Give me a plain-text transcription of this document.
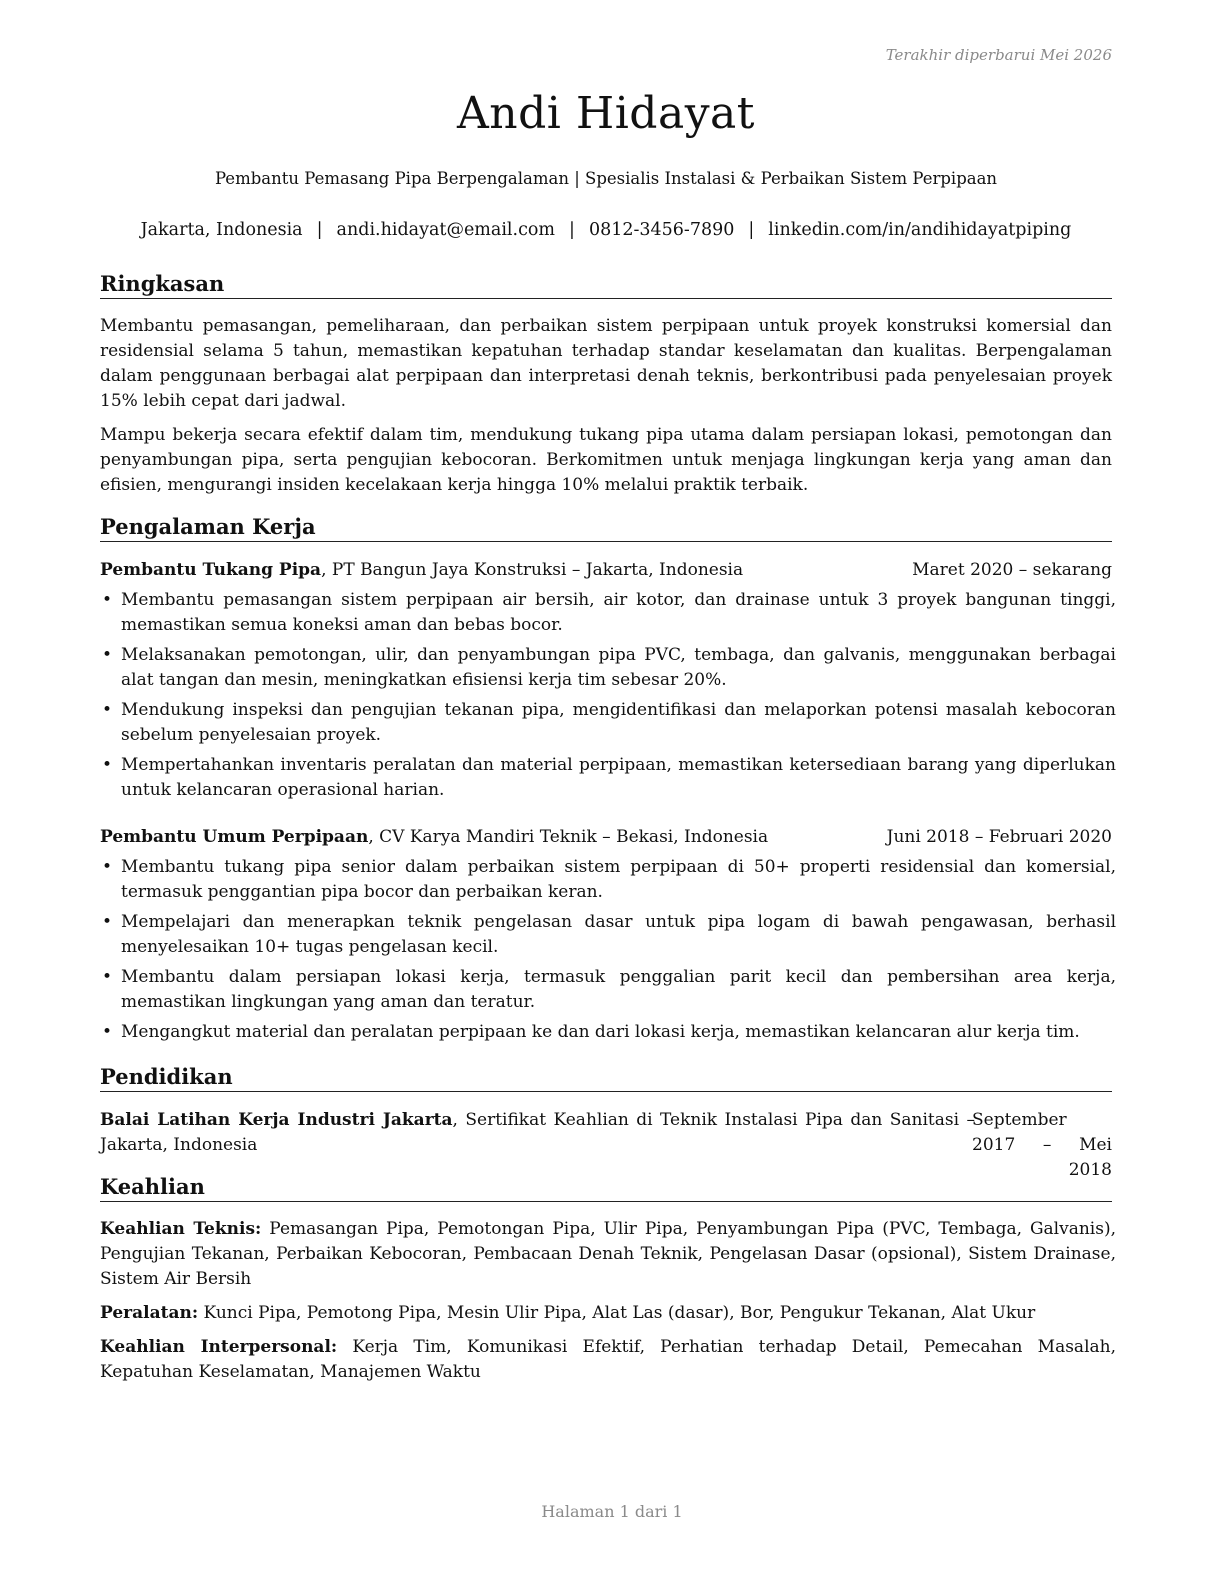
Terakhir diperbarui Mei 2026
Andi Hidayat
Pembantu Pemasang Pipa Berpengalaman | Spesialis Instalasi & Perbaikan Sistem Perpipaan
Jakarta, Indonesia | andi.hidayat@email.com | 0812-3456-7890 | linkedin.com/in/andihidayatpiping
Ringkasan

Membantu pemasangan, pemeliharaan, dan perbaikan sistem perpipaan untuk proyek konstruksi komersial dan residensial selama 5 tahun, memastikan kepatuhan terhadap standar keselamatan dan kualitas. Berpengalaman dalam penggunaan berbagai alat perpipaan dan interpretasi denah teknis, berkontribusi pada penyelesaian proyek 15% lebih cepat dari jadwal.

Mampu bekerja secara efektif dalam tim, mendukung tukang pipa utama dalam persiapan lokasi, pemotongan dan penyambungan pipa, serta pengujian kebocoran. Berkomitmen untuk menjaga lingkungan kerja yang aman dan efisien, mengurangi insiden kecelakaan kerja hingga 10% melalui praktik terbaik.

Pengalaman Kerja
Pembantu Tukang Pipa, PT Bangun Jaya Konstruksi – Jakarta, Indonesia	Maret 2020 – sekarang
• Membantu pemasangan sistem perpipaan air bersih, air kotor, dan drainase untuk 3 proyek bangunan tinggi, memastikan semua koneksi aman dan bebas bocor.
• Melaksanakan pemotongan, ulir, dan penyambungan pipa PVC, tembaga, dan galvanis, menggunakan berbagai alat tangan dan mesin, meningkatkan efisiensi kerja tim sebesar 20%.
• Mendukung inspeksi dan pengujian tekanan pipa, mengidentifikasi dan melaporkan potensi masalah kebocoran sebelum penyelesaian proyek.
• Mempertahankan inventaris peralatan dan material perpipaan, memastikan ketersediaan barang yang diperlukan untuk kelancaran operasional harian.
Pembantu Umum Perpipaan, CV Karya Mandiri Teknik – Bekasi, Indonesia	Juni 2018 – Februari 2020
• Membantu tukang pipa senior dalam perbaikan sistem perpipaan di 50+ properti residensial dan komersial, termasuk penggantian pipa bocor dan perbaikan keran.
• Mempelajari dan menerapkan teknik pengelasan dasar untuk pipa logam di bawah pengawasan, berhasil menyelesaikan 10+ tugas pengelasan kecil.
• Membantu dalam persiapan lokasi kerja, termasuk penggalian parit kecil dan pembersihan area kerja, memastikan lingkungan yang aman dan teratur.
• Mengangkut material dan peralatan perpipaan ke dan dari lokasi kerja, memastikan kelancaran alur kerja tim.
Pendidikan
Balai Latihan Kerja Industri Jakarta, Sertifikat Keahlian di Teknik Instalasi Pipa dan Sanitasi – Jakarta, Indonesia
September 2017 – Mei 2018
Keahlian
Keahlian Teknis: Pemasangan Pipa, Pemotongan Pipa, Ulir Pipa, Penyambungan Pipa (PVC, Tembaga, Galvanis), Pengujian Tekanan, Perbaikan Kebocoran, Pembacaan Denah Teknik, Pengelasan Dasar (opsional), Sistem Drainase, Sistem Air Bersih
Peralatan: Kunci Pipa, Pemotong Pipa, Mesin Ulir Pipa, Alat Las (dasar), Bor, Pengukur Tekanan, Alat Ukur
Keahlian Interpersonal: Kerja Tim, Komunikasi Efektif, Perhatian terhadap Detail, Pemecahan Masalah, Kepatuhan Keselamatan, Manajemen Waktu
Halaman 1 dari 1
